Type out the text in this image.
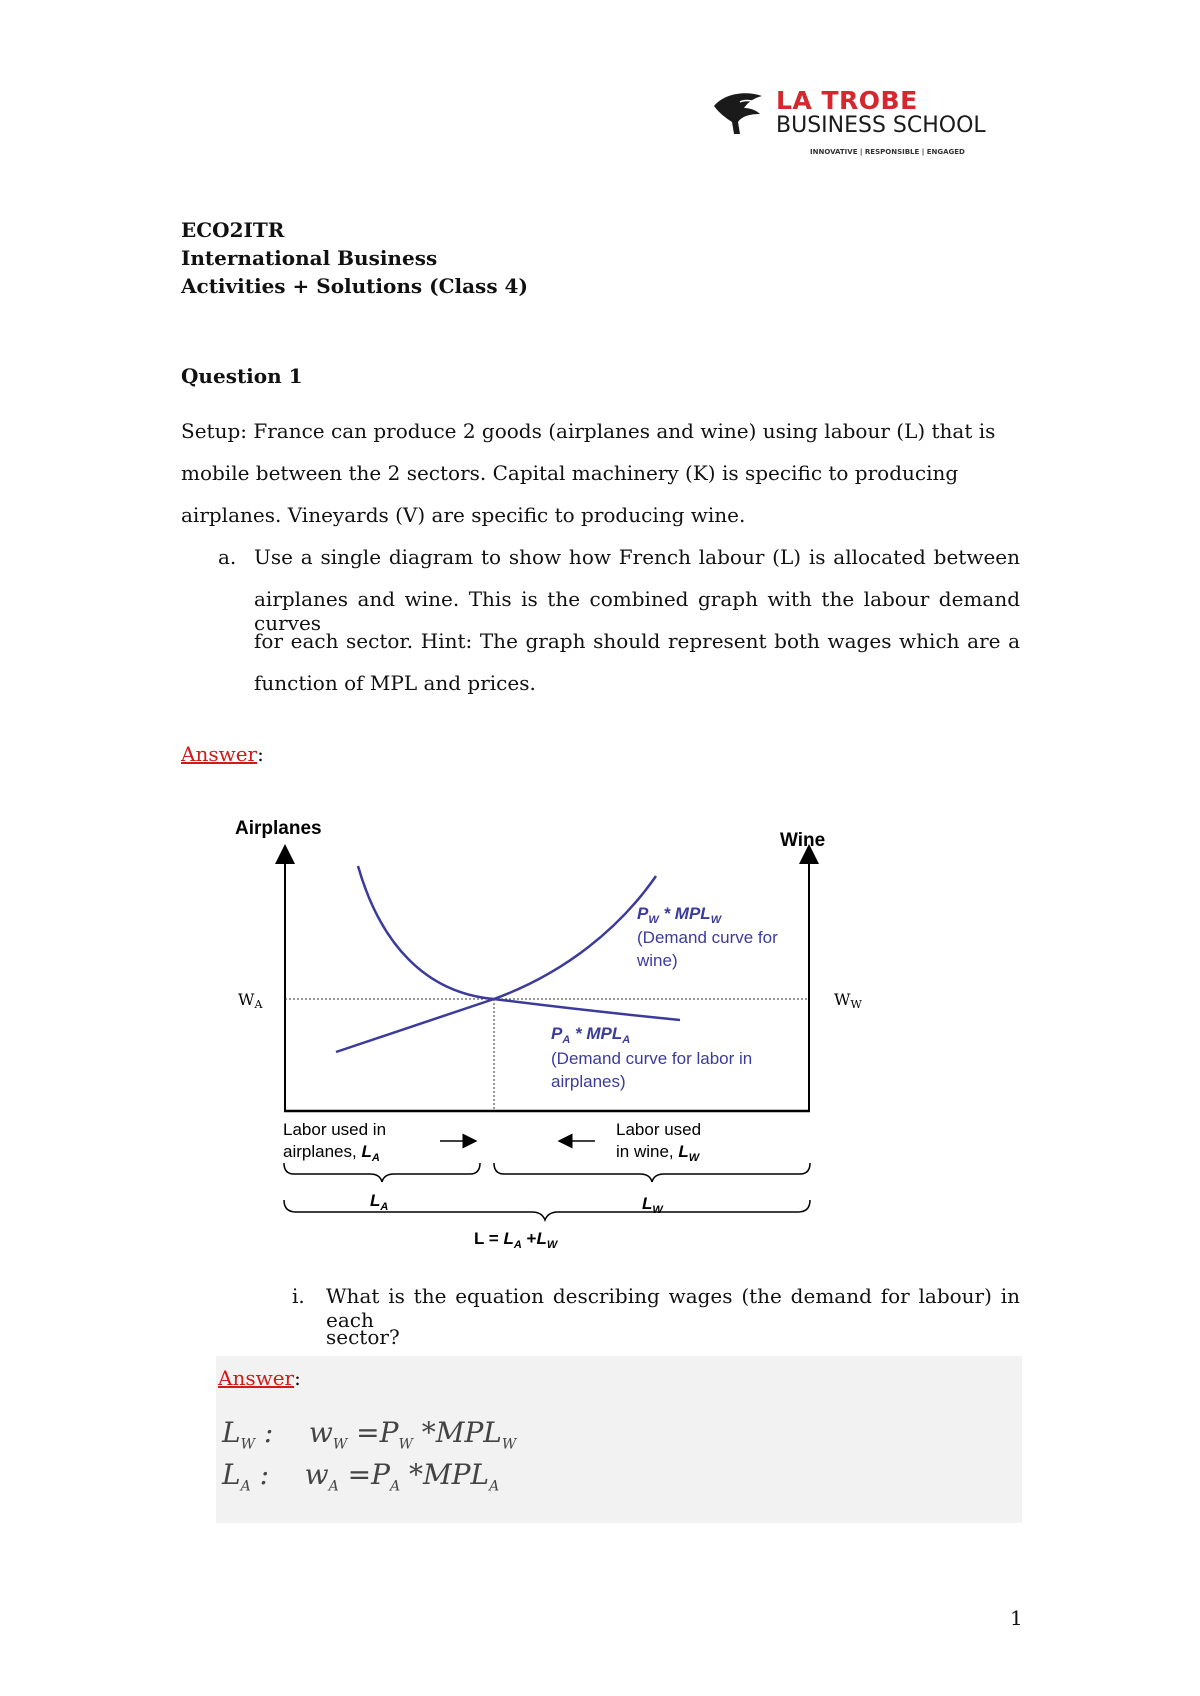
LA TROBE
BUSINESS SCHOOL
INNOVATIVE | RESPONSIBLE | ENGAGED
ECO2ITR
International Business
Activities + Solutions (Class 4)
Question 1
Setup: France can produce 2 goods (airplanes and wine) using labour (L) that is
mobile between the 2 sectors. Capital machinery (K) is specific to producing
airplanes. Vineyards (V) are specific to producing wine.
a. Use a single diagram to show how French labour (L) is allocated between
airplanes and wine. This is the combined graph with the labour demand curves
for each sector. Hint: The graph should represent both wages which are a
function of MPL and prices.
Answer:
Airplanes
Wine
WA	WW
$P_W * MPL_W$
(Demand curve for
wine)
$P_A * MPL_A$
(Demand curve for labor in
airplanes)
Labor used in
airplanes, $L_A$
Labor used
in wine, $L_W$
$L_A$	$L_W$
$L = L_A +L_W$
i. What is the equation describing wages (the demand for labour) in each
sector?
Answer:
$L_W$ :    $w_W =P_W$ $*MPL_W$
$L_A$ :    $w_A =P_A$ $*MPL_A$
1
